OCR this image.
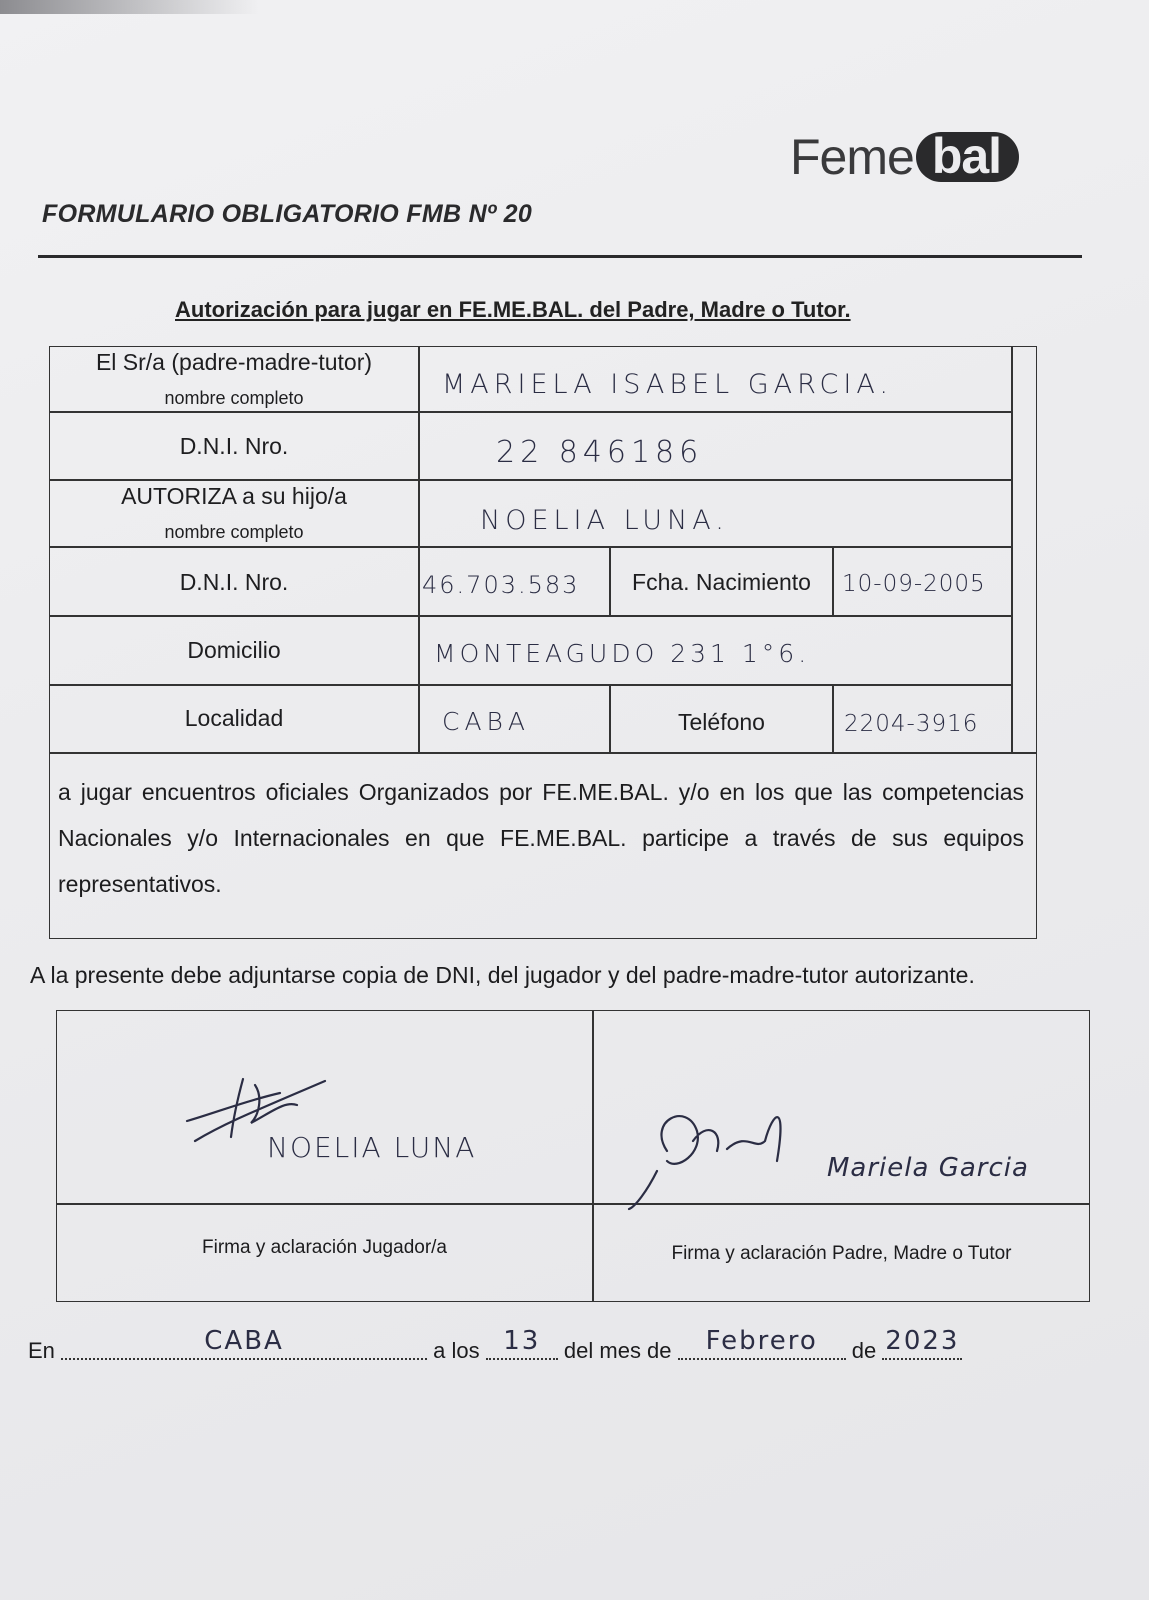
Feme bal
FORMULARIO OBLIGATORIO FMB Nº 20
Autorización para jugar en FE.ME.BAL. del Padre, Madre o Tutor.
El Sr/a (padre-madre-tutor)
nombre completo	MARIELA ISABEL GARCIA.
D.N.I. Nro.	22 846186
AUTORIZA a su hijo/a
nombre completo	NOELIA LUNA.
D.N.I. Nro.	46.703.583	Fcha. Nacimiento	10-09-2005
Domicilio	MONTEAGUDO 231 1°6.
Localidad	CABA	Teléfono	2204-3916
a jugar encuentros oficiales Organizados por FE.ME.BAL. y/o en los que las competencias Nacionales y/o Internacionales en que FE.ME.BAL. participe a través de sus equipos representativos.
A la presente debe adjuntarse copia de DNI, del jugador y del padre-madre-tutor autorizante.
NOELIA LUNA
Mariela Garcia
Firma y aclaración Jugador/a	Firma y aclaración Padre, Madre o Tutor
En	CABA	a los 13	del mes de	Febrero	de 2023
